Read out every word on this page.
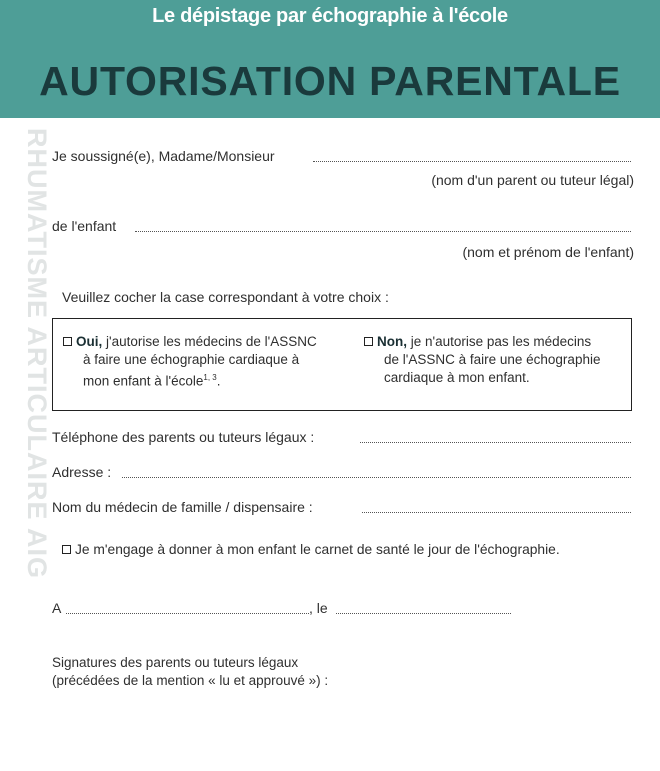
Le dépistage par échographie à l'école
AUTORISATION PARENTALE
RHUMATISME ARTICULAIRE AIG Je soussigné(e), Madame/Monsieur
(nom d'un parent ou tuteur légal)
de l'enfant
(nom et prénom de l'enfant)
Veuillez cocher la case correspondant à votre choix :
Oui, j'autorise les médecins de l'ASSNC
à faire une échographie cardiaque à
mon enfant à l'école$^{1, 3}$.
Non, je n'autorise pas les médecins
de l'ASSNC à faire une échographie
cardiaque à mon enfant.
Téléphone des parents ou tuteurs légaux :
Adresse :
Nom du médecin de famille / dispensaire :
Je m'engage à donner à mon enfant le carnet de santé le jour de l'échographie.
A	, le
Signatures des parents ou tuteurs légaux
(précédées de la mention « lu et approuvé ») :
